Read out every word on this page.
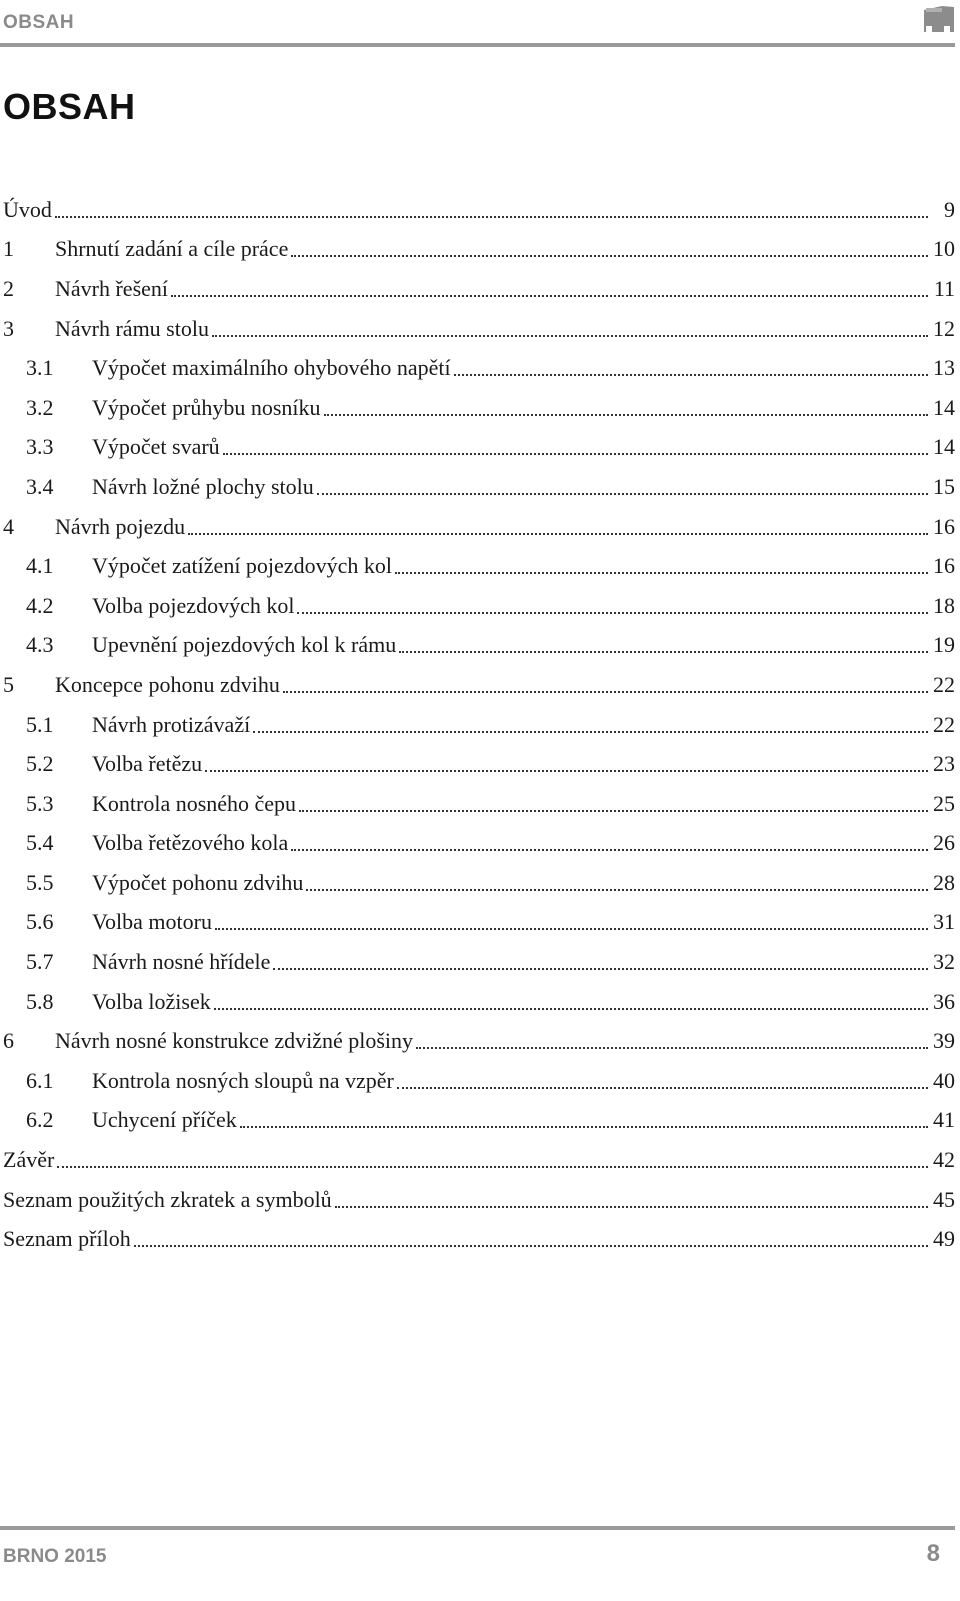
OBSAH
OBSAH
Úvod	9
1	Shrnutí zadání a cíle práce	10
2	Návrh řešení	11
3	Návrh rámu stolu	12
3.1	Výpočet maximálního ohybového napětí	13
3.2	Výpočet průhybu nosníku	14
3.3	Výpočet svarů	14
3.4	Návrh ložné plochy stolu	15
4	Návrh pojezdu	16
4.1	Výpočet zatížení pojezdových kol	16
4.2	Volba pojezdových kol	18
4.3	Upevnění pojezdových kol k rámu	19
5	Koncepce pohonu zdvihu	22
5.1	Návrh protizávaží	22
5.2	Volba řetězu	23
5.3	Kontrola nosného čepu	25
5.4	Volba řetězového kola	26
5.5	Výpočet pohonu zdvihu	28
5.6	Volba motoru	31
5.7	Návrh nosné hřídele	32
5.8	Volba ložisek	36
6	Návrh nosné konstrukce zdvižné plošiny	39
6.1	Kontrola nosných sloupů na vzpěr	40
6.2	Uchycení příček	41
Závěr	42
Seznam použitých zkratek a symbolů	45
Seznam příloh	49
BRNO 2015	8
